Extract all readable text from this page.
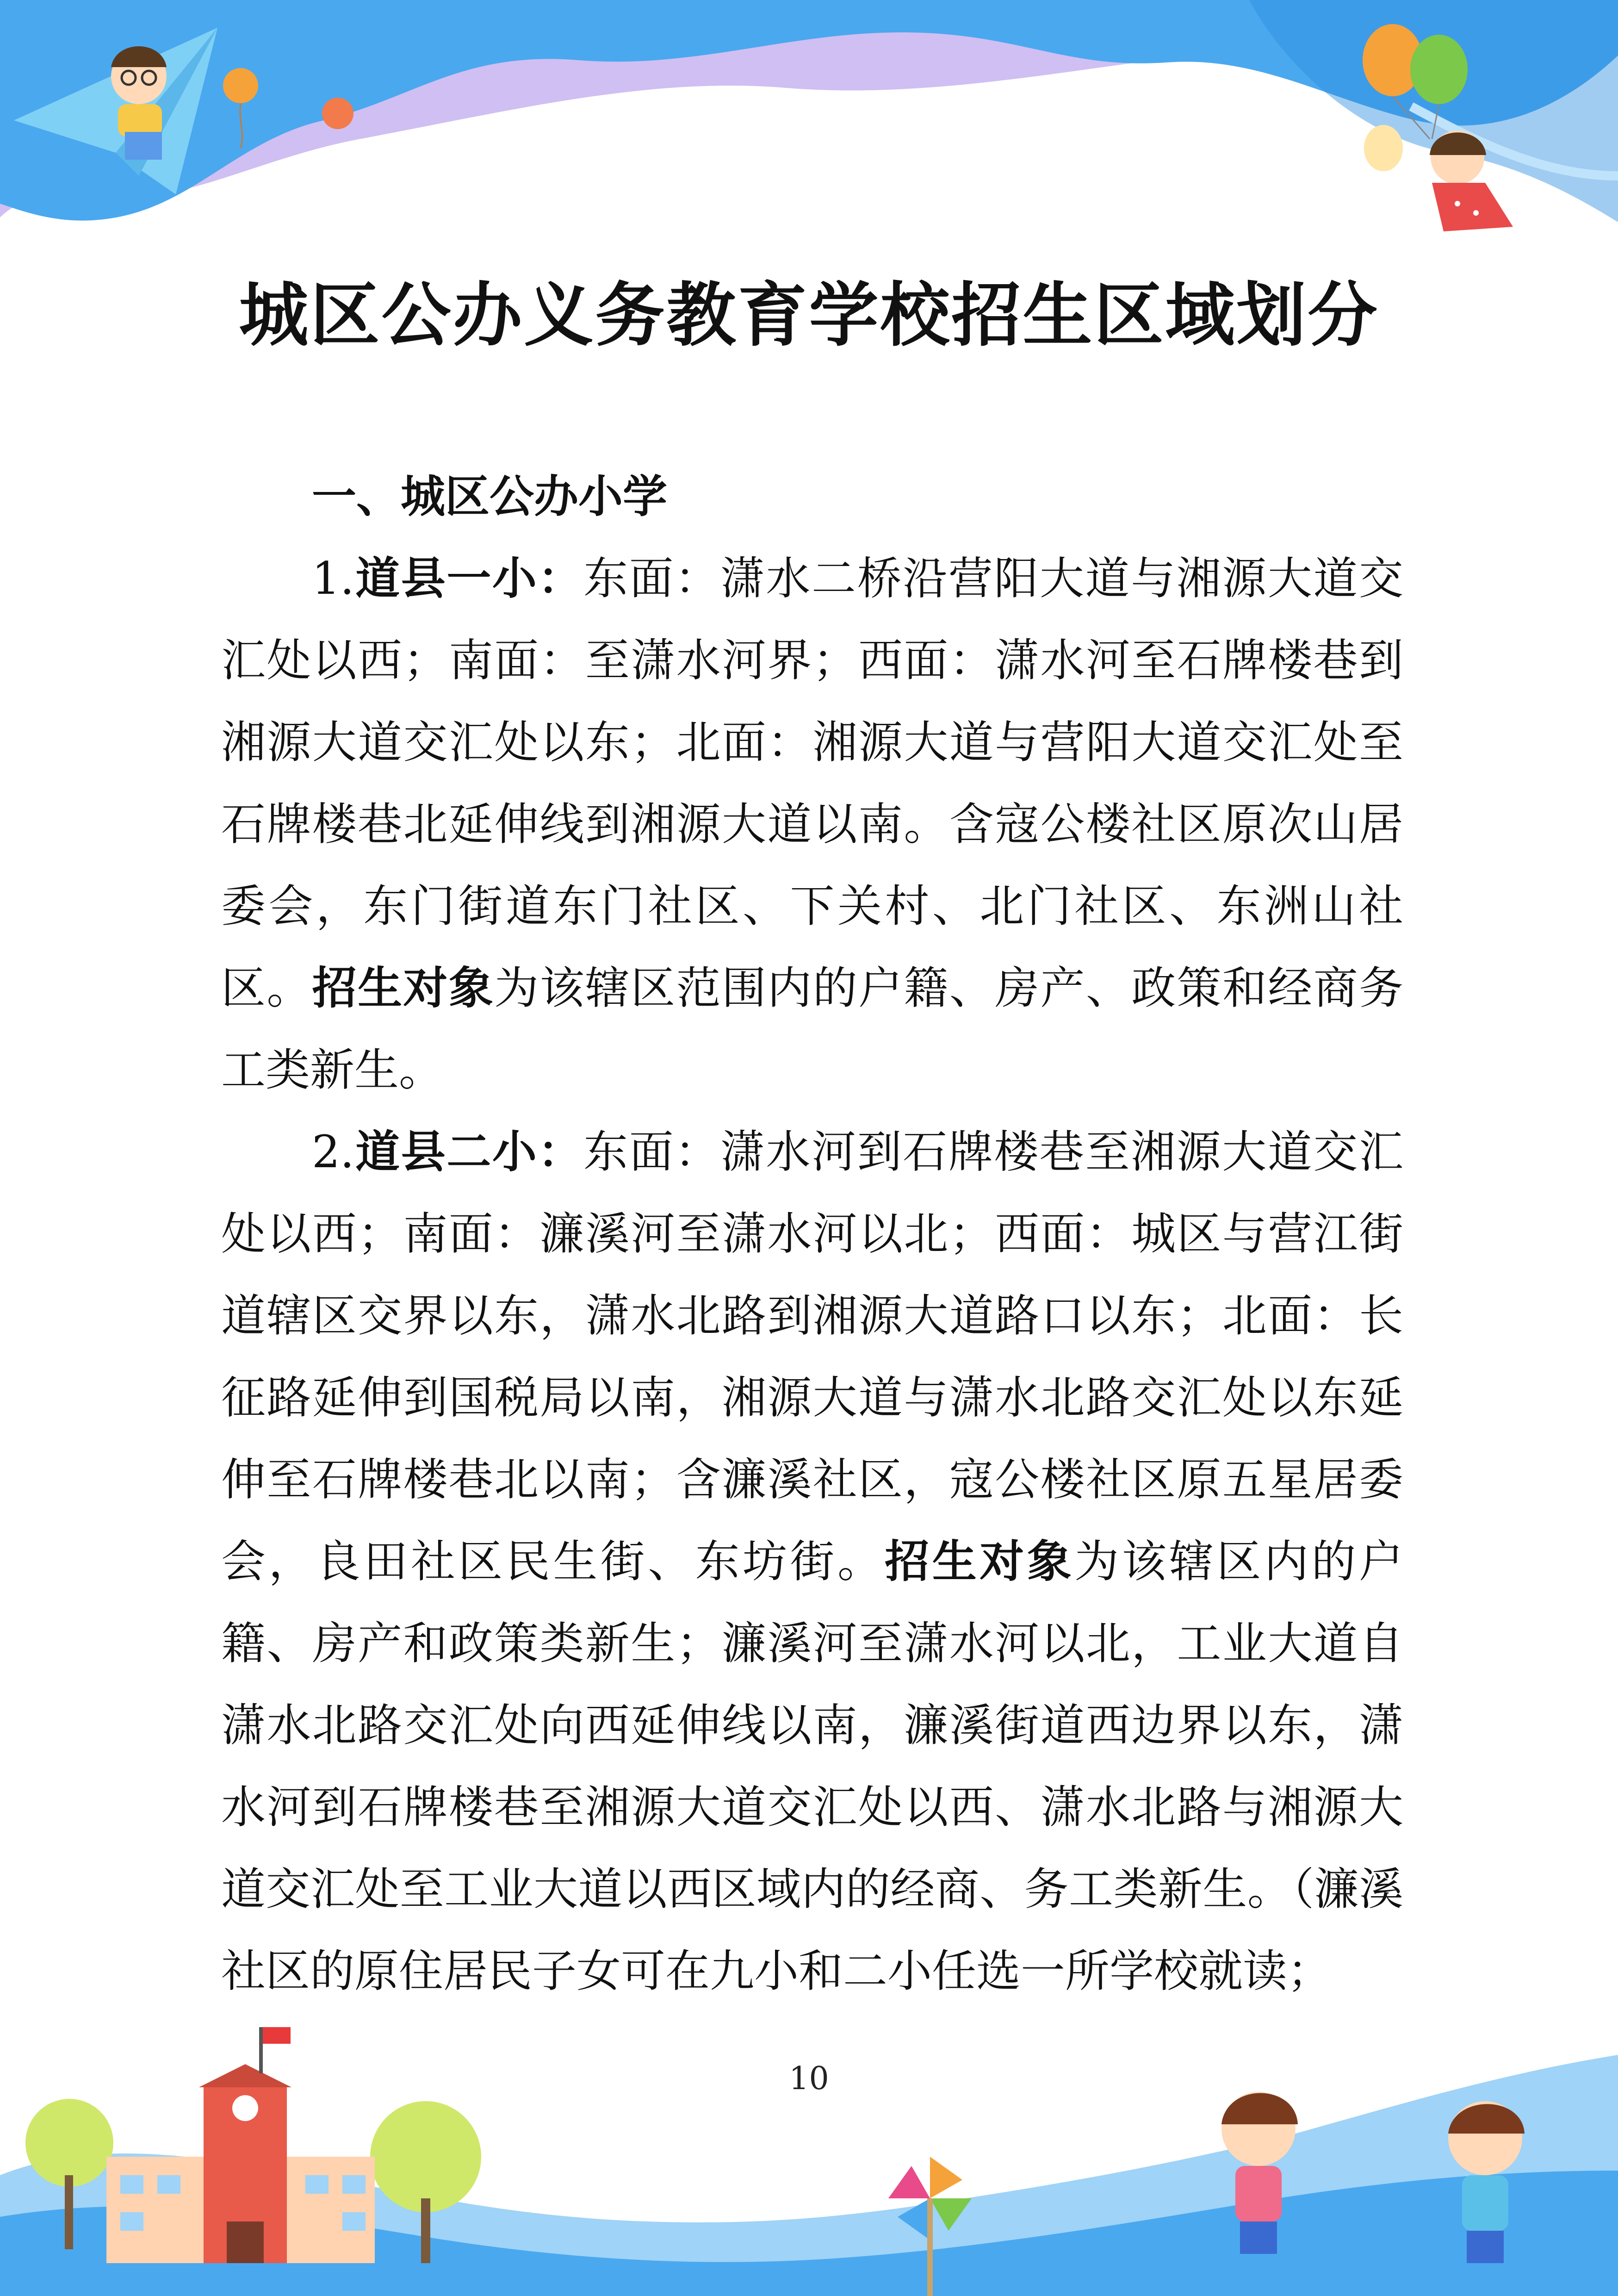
城区公办义务教育学校招生区域划分
一、城区公办小学

1.道县一小：东面：潇水二桥沿营阳大道与湘源大道交汇处以西；南面：至潇水河界；西面：潇水河至石牌楼巷到湘源大道交汇处以东；北面：湘源大道与营阳大道交汇处至石牌楼巷北延伸线到湘源大道以南。含寇公楼社区原次山居委会，东门街道东门社区、下关村、北门社区、东洲山社区。招生对象为该辖区范围内的户籍、房产、政策和经商务工类新生。

2.道县二小：东面：潇水河到石牌楼巷至湘源大道交汇处以西；南面：濂溪河至潇水河以北；西面：城区与营江街道辖区交界以东，潇水北路到湘源大道路口以东；北面：长征路延伸到国税局以南，湘源大道与潇水北路交汇处以东延伸至石牌楼巷北以南；含濂溪社区，寇公楼社区原五星居委会，良田社区民生街、东坊街。招生对象为该辖区内的户籍、房产和政策类新生；濂溪河至潇水河以北，工业大道自潇水北路交汇处向西延伸线以南，濂溪街道西边界以东，潇水河到石牌楼巷至湘源大道交汇处以西、潇水北路与湘源大道交汇处至工业大道以西区域内的经商、务工类新生。（濂溪社区的原住居民子女可在九小和二小任选一所学校就读；

10
